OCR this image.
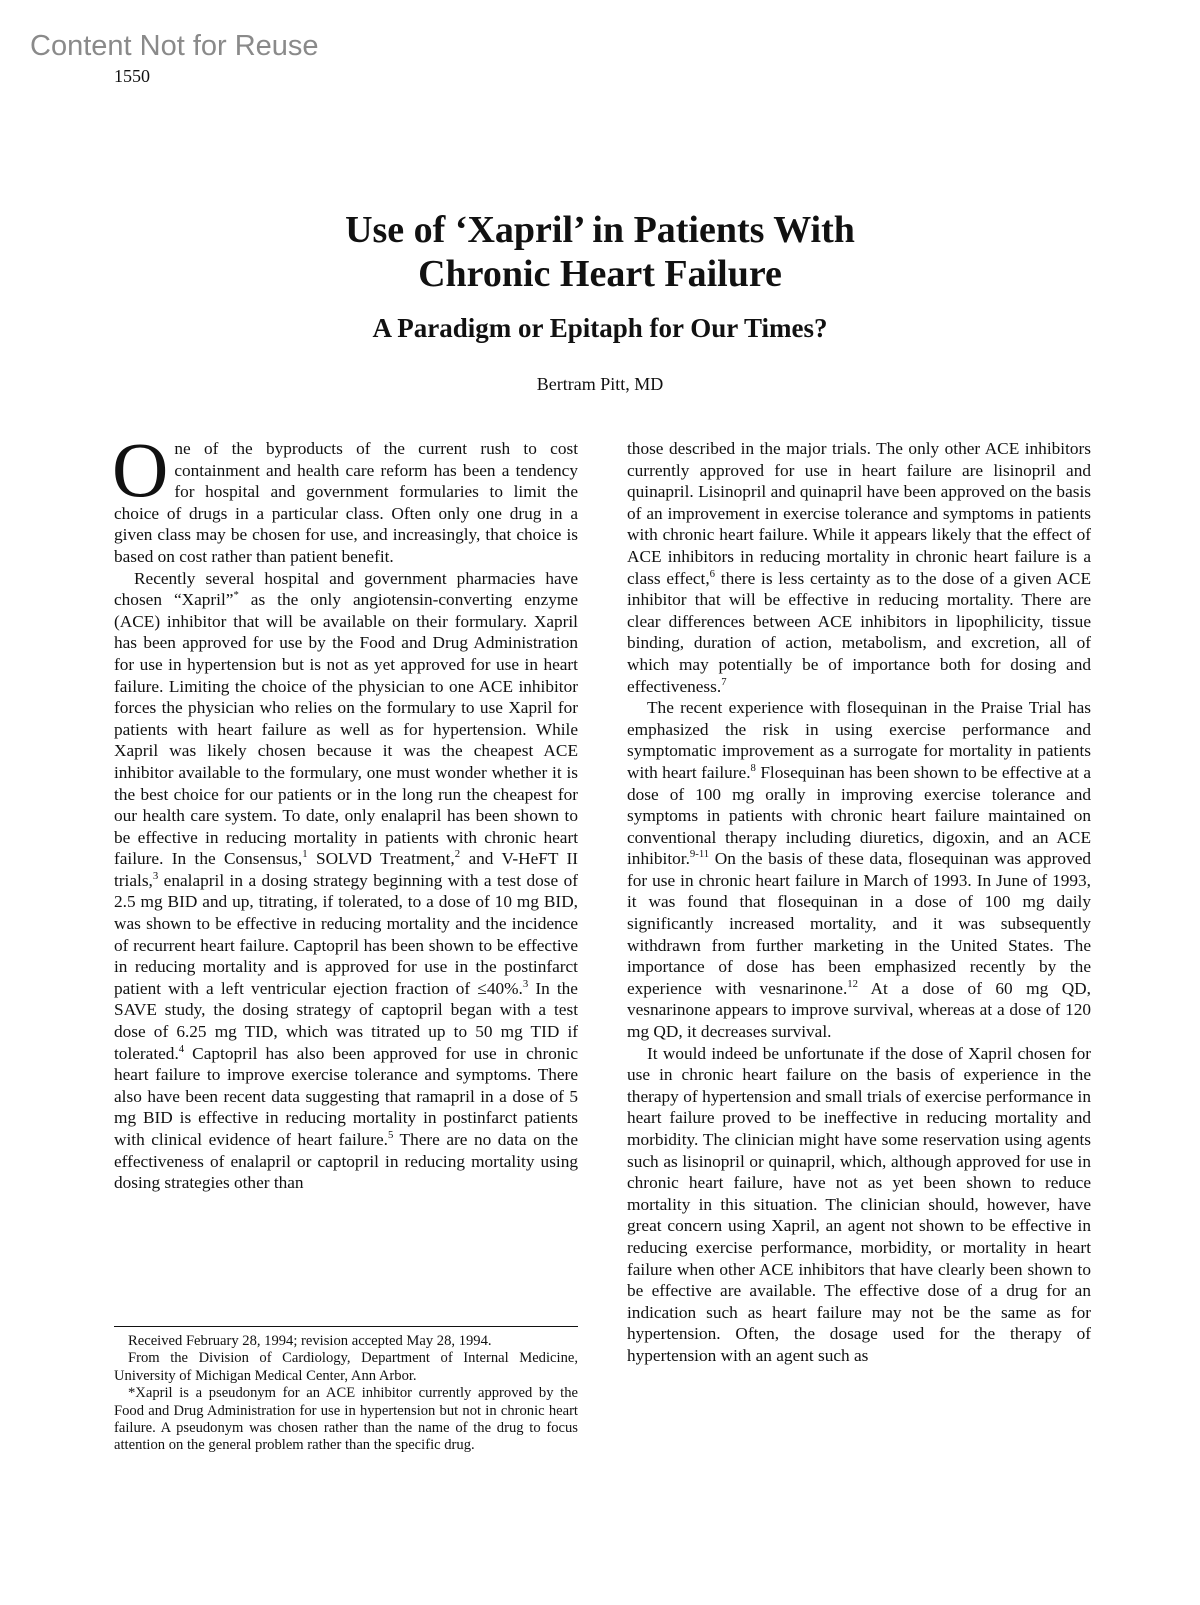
Content Not for Reuse
1550
Use of ‘Xapril’ in Patients With
Chronic Heart Failure
A Paradigm or Epitaph for Our Times?
Bertram Pitt, MD

One of the byproducts of the current rush to cost containment and health care reform has been a tendency for hospital and government formularies to limit the choice of drugs in a particular class. Often only one drug in a given class may be chosen for use, and increasingly, that choice is based on cost rather than patient benefit.

Recently several hospital and government pharmacies have chosen “Xapril”* as the only angiotensin-converting enzyme (ACE) inhibitor that will be available on their formulary. Xapril has been approved for use by the Food and Drug Administration for use in hypertension but is not as yet approved for use in heart failure. Limiting the choice of the physician to one ACE inhibitor forces the physician who relies on the formulary to use Xapril for patients with heart failure as well as for hypertension. While Xapril was likely chosen because it was the cheapest ACE inhibitor available to the formulary, one must wonder whether it is the best choice for our patients or in the long run the cheapest for our health care system. To date, only enalapril has been shown to be effective in reducing mortality in patients with chronic heart failure. In the Consensus,$^1$ SOLVD Treatment,$^2$ and V-HeFT II trials,$^3$ enalapril in a dosing strategy beginning with a test dose of 2.5 mg BID and up, titrating, if tolerated, to a dose of 10 mg BID, was shown to be effective in reducing mortality and the incidence of recurrent heart failure. Captopril has been shown to be effective in reducing mortality and is approved for use in the postinfarct patient with a left ventricular ejection fraction of ≤40%.$^3$ In the SAVE study, the dosing strategy of captopril began with a test dose of 6.25 mg TID, which was titrated up to 50 mg TID if tolerated.$^4$ Captopril has also been approved for use in chronic heart failure to improve exercise tolerance and symptoms. There also have been recent data suggesting that ramapril in a dose of 5 mg BID is effective in reducing mortality in postinfarct patients with clinical evidence of heart failure.$^5$ There are no data on the effectiveness of enalapril or captopril in reducing mortality using dosing strategies other than

Received February 28, 1994; revision accepted May 28, 1994.

From the Division of Cardiology, Department of Internal Medicine, University of Michigan Medical Center, Ann Arbor.

*Xapril is a pseudonym for an ACE inhibitor currently approved by the Food and Drug Administration for use in hypertension but not in chronic heart failure. A pseudonym was chosen rather than the name of the drug to focus attention on the general problem rather than the specific drug.

those described in the major trials. The only other ACE inhibitors currently approved for use in heart failure are lisinopril and quinapril. Lisinopril and quinapril have been approved on the basis of an improvement in exercise tolerance and symptoms in patients with chronic heart failure. While it appears likely that the effect of ACE inhibitors in reducing mortality in chronic heart failure is a class effect,$^6$ there is less certainty as to the dose of a given ACE inhibitor that will be effective in reducing mortality. There are clear differences between ACE inhibitors in lipophilicity, tissue binding, duration of action, metabolism, and excretion, all of which may potentially be of importance both for dosing and effectiveness.$^7$

The recent experience with flosequinan in the Praise Trial has emphasized the risk in using exercise performance and symptomatic improvement as a surrogate for mortality in patients with heart failure.$^8$ Flosequinan has been shown to be effective at a dose of 100 mg orally in improving exercise tolerance and symptoms in patients with chronic heart failure maintained on conventional therapy including diuretics, digoxin, and an ACE inhibitor.$^{9-11}$ On the basis of these data, flosequinan was approved for use in chronic heart failure in March of 1993. In June of 1993, it was found that flosequinan in a dose of 100 mg daily significantly increased mortality, and it was subsequently withdrawn from further marketing in the United States. The importance of dose has been emphasized recently by the experience with vesnarinone.$^{12}$ At a dose of 60 mg QD, vesnarinone appears to improve survival, whereas at a dose of 120 mg QD, it decreases survival.

It would indeed be unfortunate if the dose of Xapril chosen for use in chronic heart failure on the basis of experience in the therapy of hypertension and small trials of exercise performance in heart failure proved to be ineffective in reducing mortality and morbidity. The clinician might have some reservation using agents such as lisinopril or quinapril, which, although approved for use in chronic heart failure, have not as yet been shown to reduce mortality in this situation. The clinician should, however, have great concern using Xapril, an agent not shown to be effective in reducing exercise performance, morbidity, or mortality in heart failure when other ACE inhibitors that have clearly been shown to be effective are available. The effective dose of a drug for an indication such as heart failure may not be the same as for hypertension. Often, the dosage used for the therapy of hypertension with an agent such as
